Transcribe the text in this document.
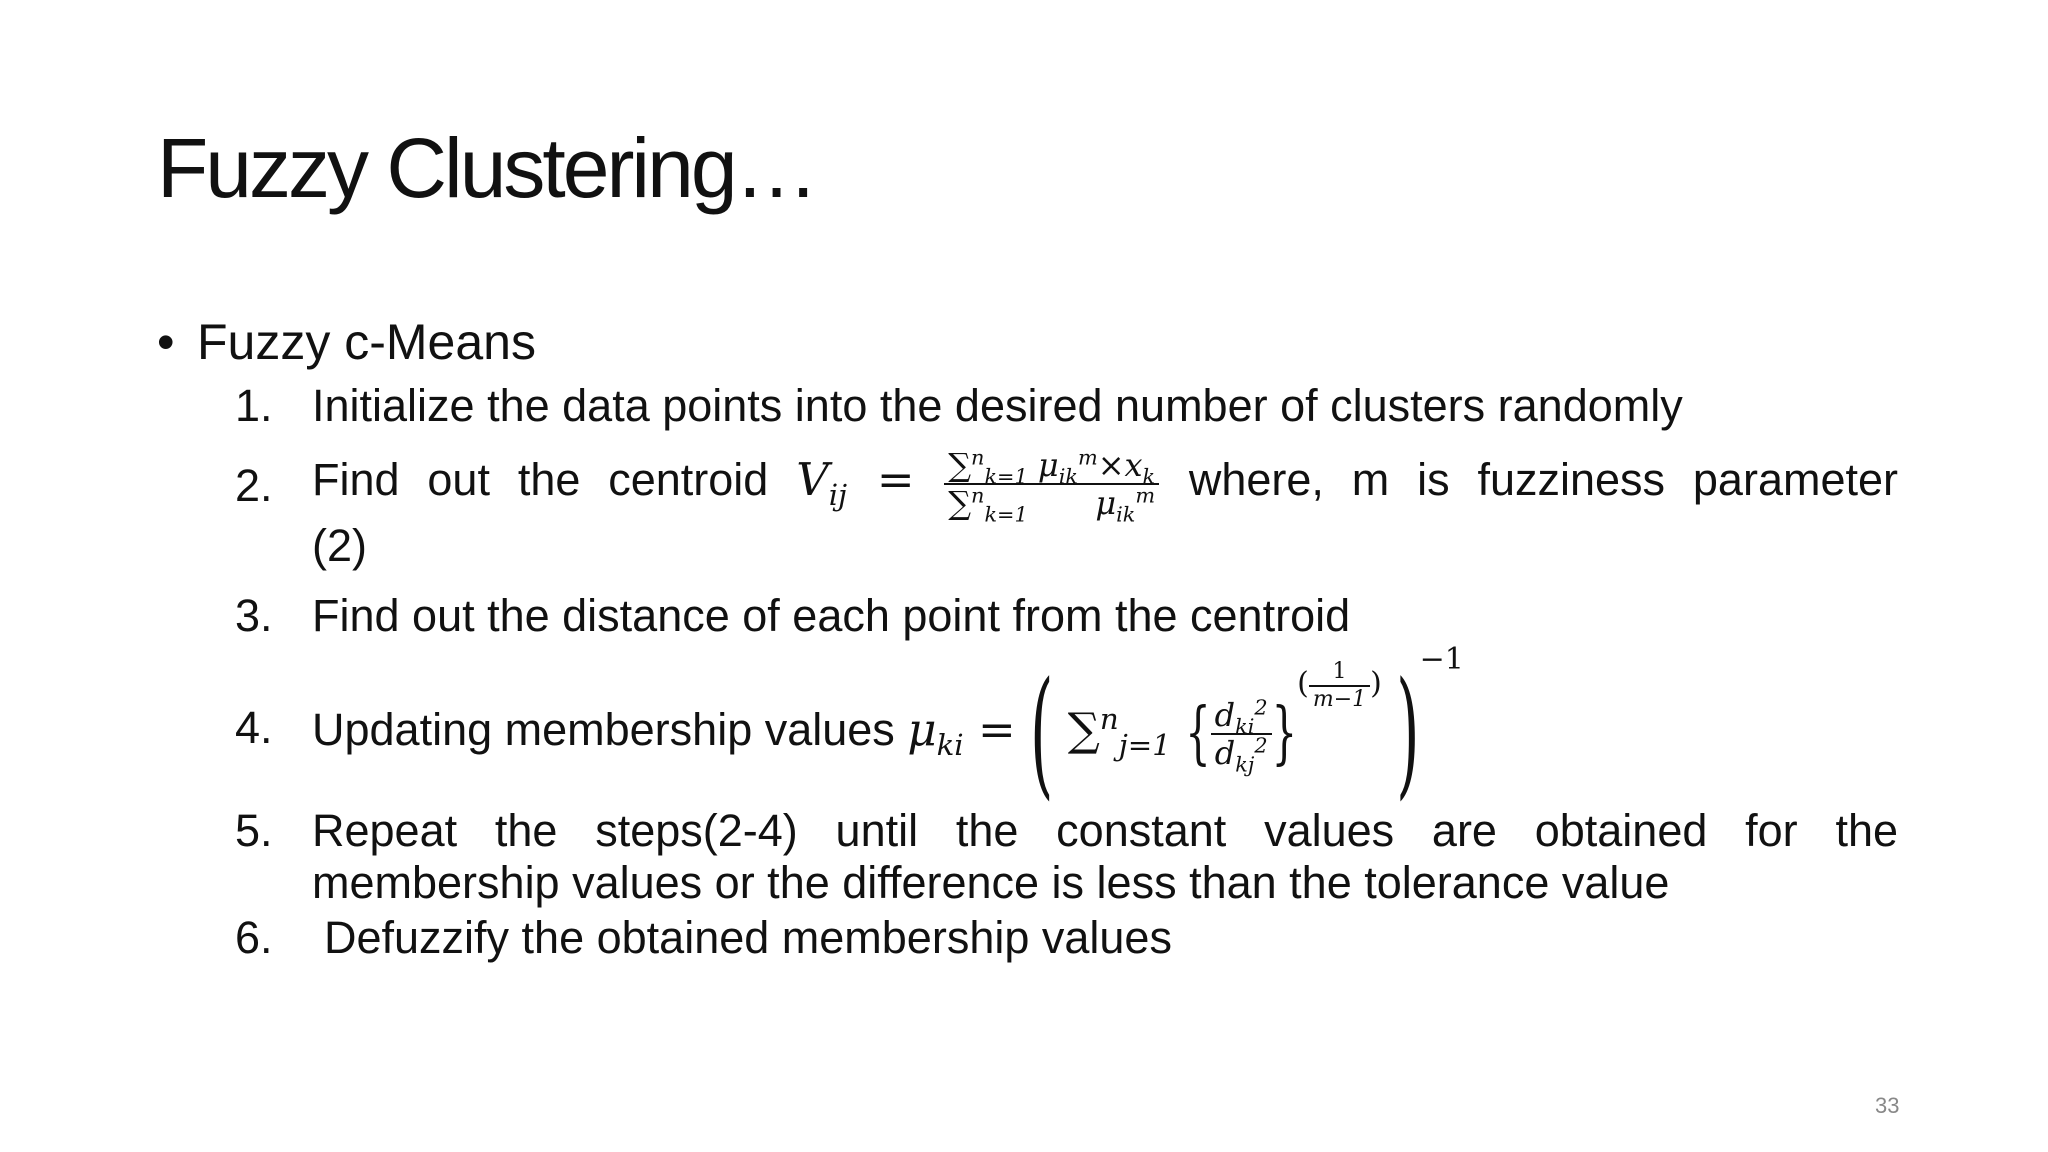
Fuzzy Clustering…
• Fuzzy c-Means
1. Initialize the data points into the desired number of clusters randomly
2. Find out the centroid $V_{ij} = \frac{\sum^n_{k=1} \mu_{ik}^m\times x_k}{\sum^n_{k=1} \mu_{ik}^m}$ where, m is fuzziness parameter
(2)
3. Find out the distance of each point from the centroid
4. Updating membership values $\mu_{ki}$ = ( ∑$^n_{j=1}$ { $\frac{d_{ki}^2}{d_{kj}^2} \}^{( \frac{1}{m-1} )}$ )$^{-1}$
5. Repeat the steps(2-4) until the constant values are obtained for the
membership values or the difference is less than the tolerance value
6. Defuzzify the obtained membership values
33
